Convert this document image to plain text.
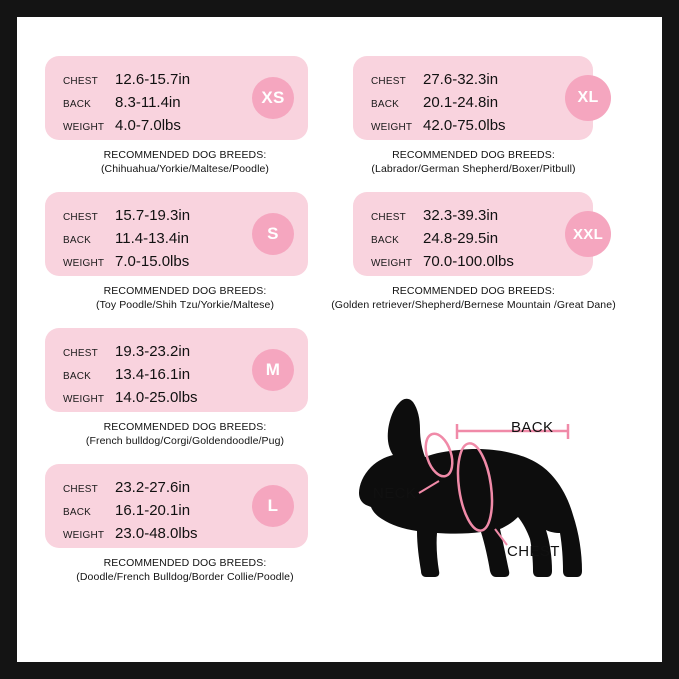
CHEST	12.6-15.7in
BACK	8.3-11.4in
WEIGHT 4.0-7.0lbs
XS
RECOMMENDED DOG BREEDS:
(Chihuahua/Yorkie/Maltese/Poodle)
CHEST	15.7-19.3in
BACK	11.4-13.4in
WEIGHT 7.0-15.0lbs
S
RECOMMENDED DOG BREEDS:
(Toy Poodle/Shih Tzu/Yorkie/Maltese)
CHEST	19.3-23.2in
BACK	13.4-16.1in
WEIGHT 14.0-25.0lbs
M
RECOMMENDED DOG BREEDS:
(French bulldog/Corgi/Goldendoodle/Pug)
CHEST	23.2-27.6in
BACK	16.1-20.1in
WEIGHT 23.0-48.0lbs
L
RECOMMENDED DOG BREEDS:
(Doodle/French Bulldog/Border Collie/Poodle)
CHEST	27.6-32.3in
BACK	20.1-24.8in
WEIGHT 42.0-75.0lbs
XL
RECOMMENDED DOG BREEDS:
(Labrador/German Shepherd/Boxer/Pitbull)
CHEST	32.3-39.3in
BACK	24.8-29.5in
WEIGHT 70.0-100.0lbs
XXL
RECOMMENDED DOG BREEDS:
(Golden retriever/Shepherd/Bernese Mountain /Great Dane)
BACK
NECK
CHEST
